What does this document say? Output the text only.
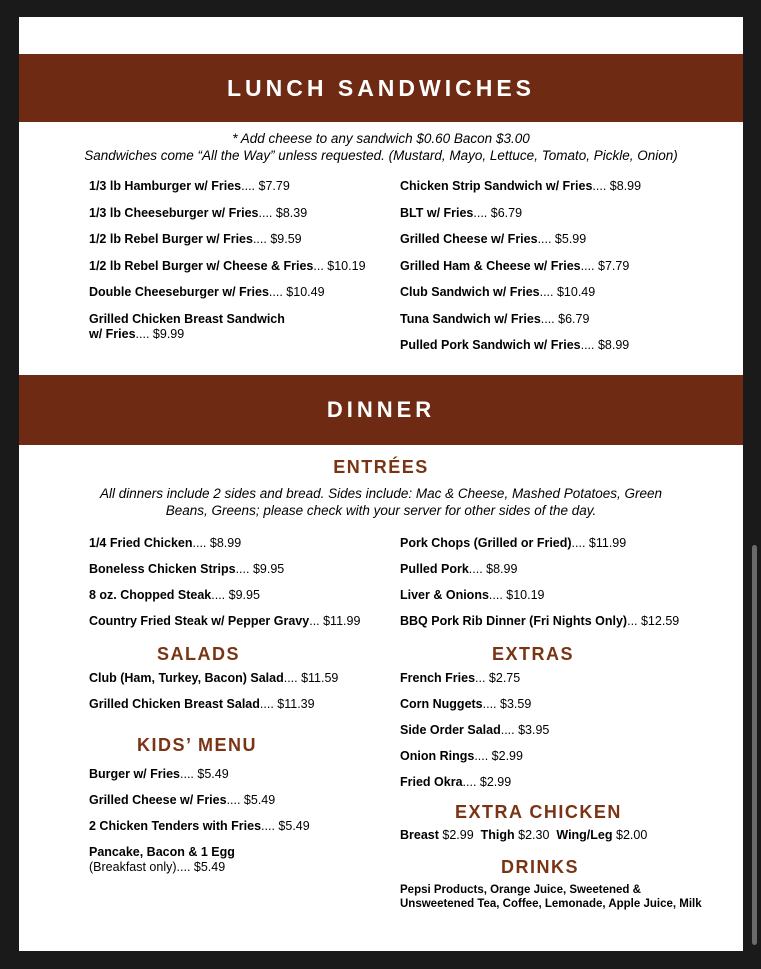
LUNCH SANDWICHES
* Add cheese to any sandwich $0.60 Bacon $3.00
Sandwiches come “All the Way” unless requested. (Mustard, Mayo, Lettuce, Tomato, Pickle, Onion)
1/3 lb Hamburger w/ Fries.... $7.79
1/3 lb Cheeseburger w/ Fries.... $8.39
1/2 lb Rebel Burger w/ Fries.... $9.59
1/2 lb Rebel Burger w/ Cheese & Fries... $10.19
Double Cheeseburger w/ Fries.... $10.49
Grilled Chicken Breast Sandwich
w/ Fries.... $9.99
Chicken Strip Sandwich w/ Fries.... $8.99
BLT w/ Fries.... $6.79
Grilled Cheese w/ Fries.... $5.99
Grilled Ham & Cheese w/ Fries.... $7.79
Club Sandwich w/ Fries.... $10.49
Tuna Sandwich w/ Fries.... $6.79
Pulled Pork Sandwich w/ Fries.... $8.99
DINNER
ENTRÉES
All dinners include 2 sides and bread. Sides include: Mac & Cheese, Mashed Potatoes, Green
Beans, Greens; please check with your server for other sides of the day.
1/4 Fried Chicken.... $8.99
Boneless Chicken Strips.... $9.95
8 oz. Chopped Steak.... $9.95
Country Fried Steak w/ Pepper Gravy... $11.99
Pork Chops (Grilled or Fried).... $11.99
Pulled Pork.... $8.99
Liver & Onions.... $10.19
BBQ Pork Rib Dinner (Fri Nights Only)... $12.59
SALADS
Club (Ham, Turkey, Bacon) Salad.... $11.59
Grilled Chicken Breast Salad.... $11.39
KIDS’ MENU
Burger w/ Fries.... $5.49
Grilled Cheese w/ Fries.... $5.49
2 Chicken Tenders with Fries.... $5.49
Pancake, Bacon & 1 Egg
(Breakfast only).... $5.49
EXTRAS
French Fries... $2.75
Corn Nuggets.... $3.59
Side Order Salad.... $3.95
Onion Rings.... $2.99
Fried Okra.... $2.99
EXTRA CHICKEN
Breast $2.99 Thigh $2.30 Wing/Leg $2.00
DRINKS
Pepsi Products, Orange Juice, Sweetened &
Unsweetened Tea, Coffee, Lemonade, Apple Juice, Milk
